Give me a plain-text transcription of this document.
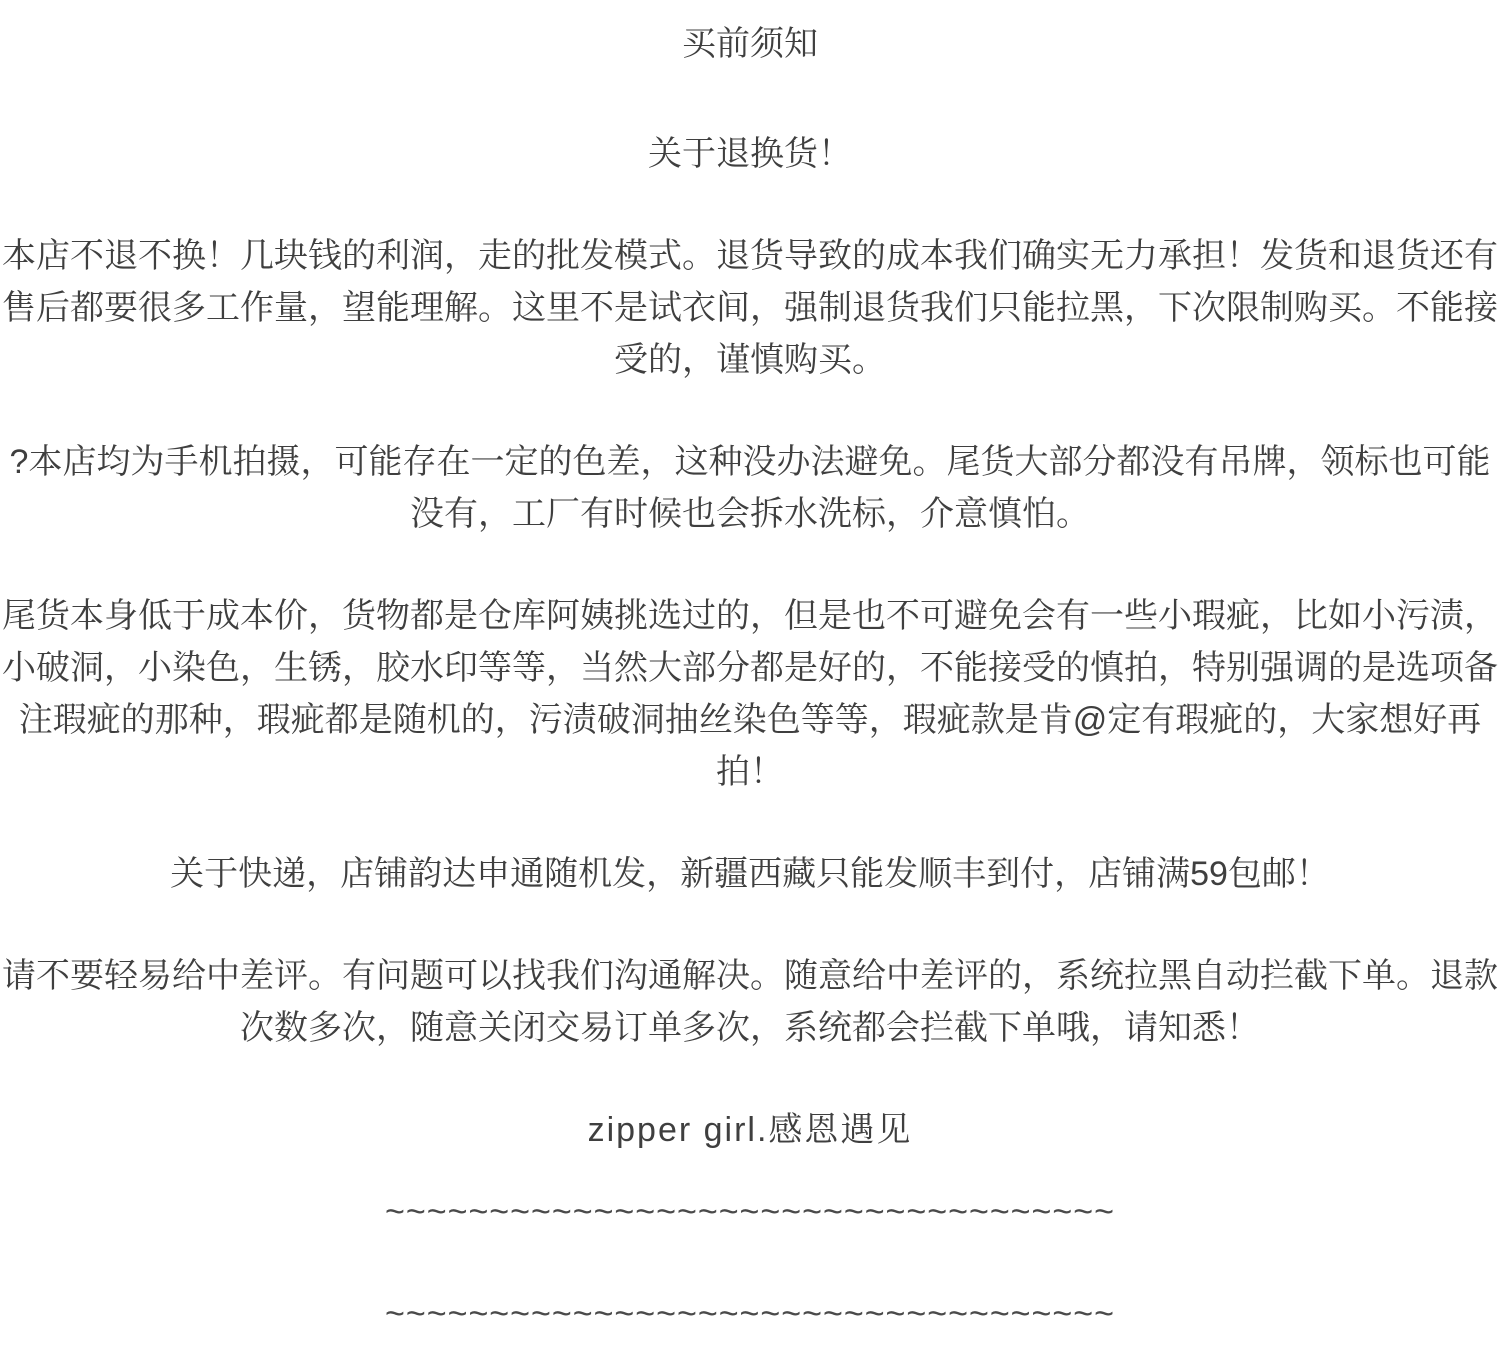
买前须知
关于退换货！

本店不退不换！几块钱的利润，走的批发模式。退货导致的成本我们确实无力承担！发货和退货还有售后都要很多工作量，望能理解。这里不是试衣间，强制退货我们只能拉黑，下次限制购买。不能接受的，谨慎购买。

?本店均为手机拍摄，可能存在一定的色差，这种没办法避免。尾货大部分都没有吊牌，领标也可能没有，工厂有时候也会拆水洗标，介意慎怕。

尾货本身低于成本价，货物都是仓库阿姨挑选过的，但是也不可避免会有一些小瑕疵，比如小污渍，小破洞，小染色，生锈，胶水印等等，当然大部分都是好的，不能接受的慎拍，特别强调的是选项备注瑕疵的那种，瑕疵都是随机的，污渍破洞抽丝染色等等，瑕疵款是肯@定有瑕疵的，大家想好再拍！

关于快递，店铺韵达申通随机发，新疆西藏只能发顺丰到付，店铺满59包邮！

请不要轻易给中差评。有问题可以找我们沟通解决。随意给中差评的，系统拉黑自动拦截下单。退款次数多次，随意关闭交易订单多次，系统都会拦截下单哦，请知悉！

zipper girl.感恩遇见

~~~~~~~~~~~~~~~~~~~~~~~~~~~~~~~~~~~
~~~~~~~~~~~~~~~~~~~~~~~~~~~~~~~~~~~
